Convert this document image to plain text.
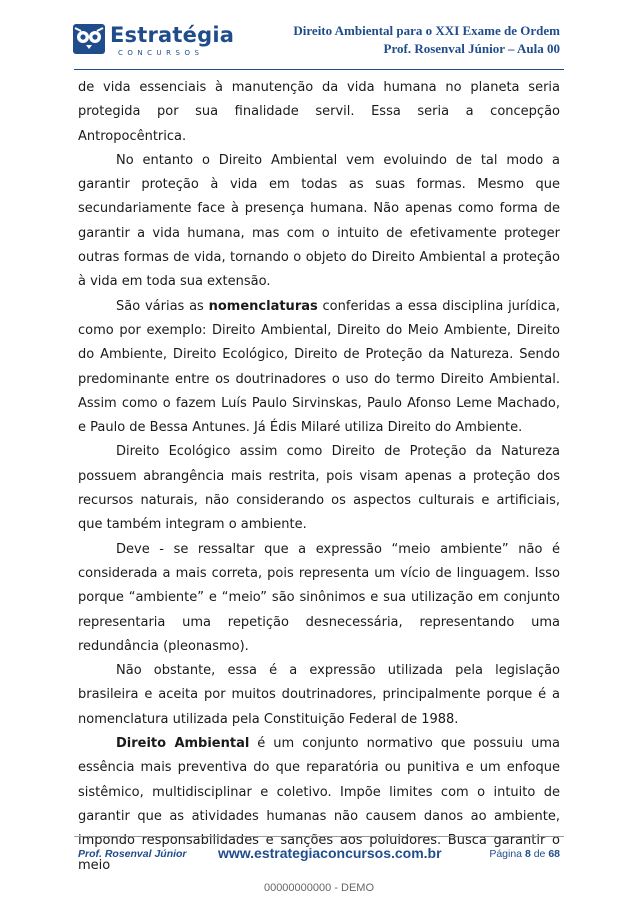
Estratégia
CONCURSOS
Direito Ambiental para o XXI Exame de Ordem
Prof. Rosenval Júnior – Aula 00

de vida essenciais à manutenção da vida humana no planeta seria protegida por sua finalidade servil. Essa seria a concepção Antropocêntrica.

No entanto o Direito Ambiental vem evoluindo de tal modo a garantir proteção à vida em todas as suas formas. Mesmo que secundariamente face à presença humana. Não apenas como forma de garantir a vida humana, mas com o intuito de efetivamente proteger outras formas de vida, tornando o objeto do Direito Ambiental a proteção à vida em toda sua extensão.

São várias as nomenclaturas conferidas a essa disciplina jurídica, como por exemplo: Direito Ambiental, Direito do Meio Ambiente, Direito do Ambiente, Direito Ecológico, Direito de Proteção da Natureza. Sendo predominante entre os doutrinadores o uso do termo Direito Ambiental. Assim como o fazem Luís Paulo Sirvinskas, Paulo Afonso Leme Machado, e Paulo de Bessa Antunes. Já Édis Milaré utiliza Direito do Ambiente.

Direito Ecológico assim como Direito de Proteção da Natureza possuem abrangência mais restrita, pois visam apenas a proteção dos recursos naturais, não considerando os aspectos culturais e artificiais, que também integram o ambiente.

Deve - se ressaltar que a expressão “meio ambiente” não é considerada a mais correta, pois representa um vício de linguagem. Isso porque “ambiente” e “meio” são sinônimos e sua utilização em conjunto representaria uma repetição desnecessária, representando uma redundância (pleonasmo).

Não obstante, essa é a expressão utilizada pela legislação brasileira e aceita por muitos doutrinadores, principalmente porque é a nomenclatura utilizada pela Constituição Federal de 1988.

Direito Ambiental é um conjunto normativo que possuiu uma essência mais preventiva do que reparatória ou punitiva e um enfoque sistêmico, multidisciplinar e coletivo. Impõe limites com o intuito de garantir que as atividades humanas não causem danos ao ambiente, impondo responsabilidades e sanções aos poluidores. Busca garantir o meio

Prof. Rosenval Júnior www.estrategiaconcursos.com.br	Página 8 de 68
00000000000 - DEMO
